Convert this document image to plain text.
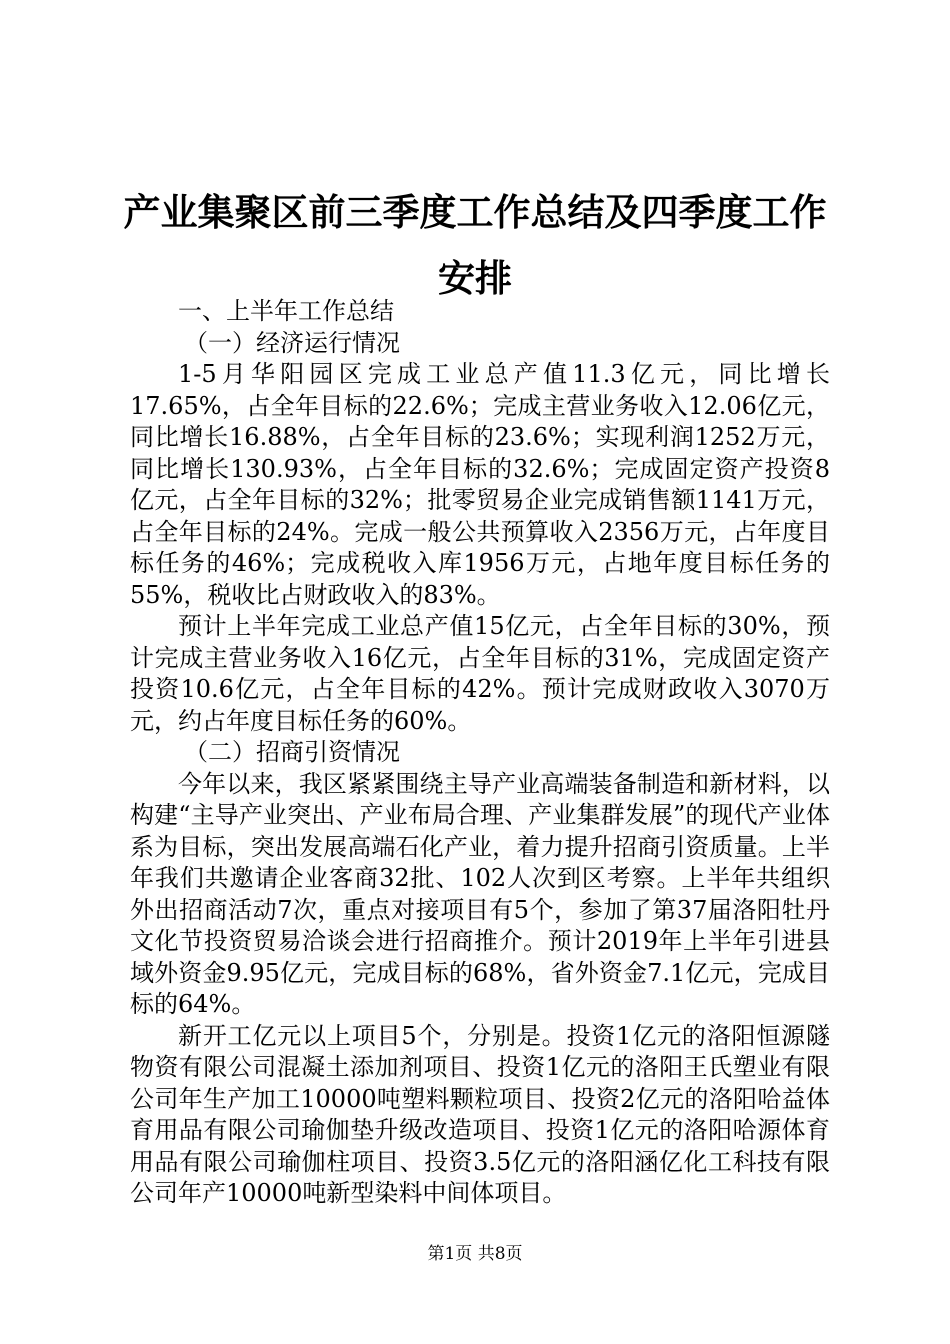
产业集聚区前三季度工作总结及四季度工作安排

一、上半年工作总结

（一）经济运行情况

1-5月华阳园区完成工业总产值11.3亿元，同比增长17.65%，占全年目标的22.6%；完成主营业务收入12.06亿元，同比增长16.88%，占全年目标的23.6%；实现利润1252万元，同比增长130.93%，占全年目标的32.6%；完成固定资产投资8亿元，占全年目标的32%；批零贸易企业完成销售额1141万元，占全年目标的24%。完成一般公共预算收入2356万元，占年度目标任务的46%；完成税收入库1956万元，占地年度目标任务的55%，税收比占财政收入的83%。

预计上半年完成工业总产值15亿元，占全年目标的30%，预计完成主营业务收入16亿元，占全年目标的31%，完成固定资产投资10.6亿元，占全年目标的42%。预计完成财政收入3070万元，约占年度目标任务的60%。

（二）招商引资情况

今年以来，我区紧紧围绕主导产业高端装备制造和新材料，以构建“主导产业突出、产业布局合理、产业集群发展”的现代产业体系为目标，突出发展高端石化产业，着力提升招商引资质量。上半年我们共邀请企业客商32批、102人次到区考察。上半年共组织外出招商活动7次，重点对接项目有5个，参加了第37届洛阳牡丹文化节投资贸易洽谈会进行招商推介。预计2019年上半年引进县域外资金9.95亿元，完成目标的68%，省外资金7.1亿元，完成目标的64%。

新开工亿元以上项目5个，分别是。投资1亿元的洛阳恒源隧物资有限公司混凝土添加剂项目、投资1亿元的洛阳王氏塑业有限公司年生产加工10000吨塑料颗粒项目、投资2亿元的洛阳哈益体育用品有限公司瑜伽垫升级改造项目、投资1亿元的洛阳哈源体育用品有限公司瑜伽柱项目、投资3.5亿元的洛阳涵亿化工科技有限公司年产10000吨新型染料中间体项目。

第1页 共8页
